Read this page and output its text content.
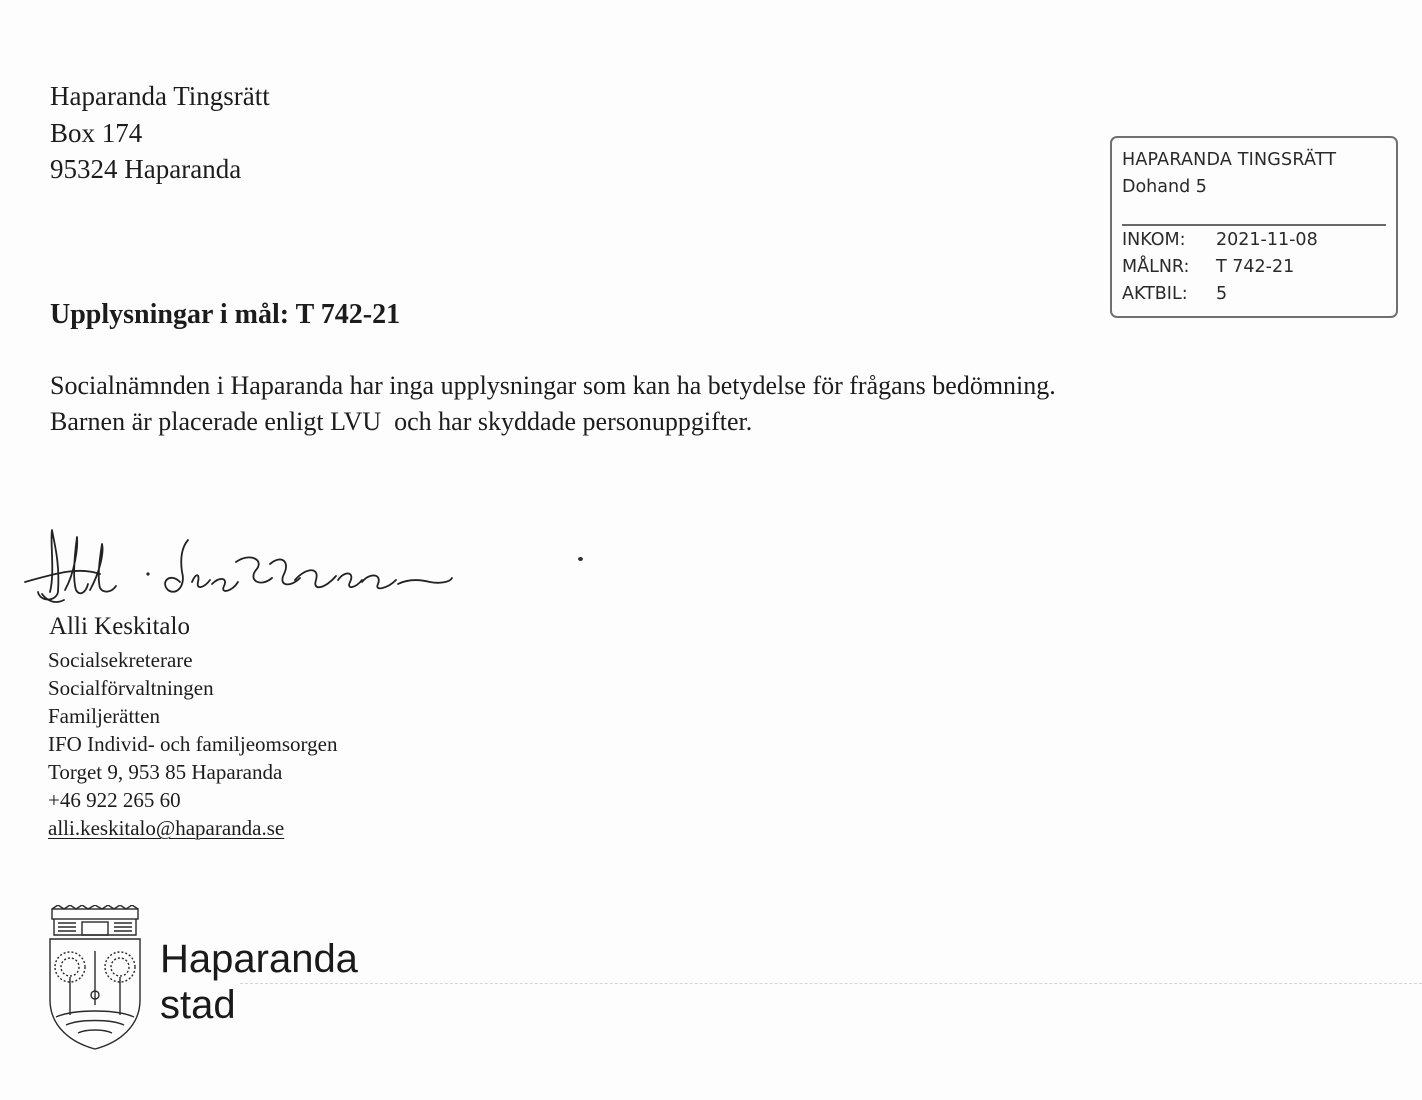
Haparanda Tingsrätt
Box 174
95324 Haparanda	HAPARANDA TINGSRÄTT
Dohand 5
INKOM: 2021-11-08
MÅLNR: T 742-21
AKTBIL: 5
Upplysningar i mål: T 742-21
Socialnämnden i Haparanda har inga upplysningar som kan ha betydelse för frågans bedömning.
Barnen är placerade enligt LVU  och har skyddade personuppgifter.
Alli Keskitalo
Socialsekreterare
Socialförvaltningen
Familjerätten
IFO Individ- och familjeomsorgen
Torget 9, 953 85 Haparanda
+46 922 265 60
alli.keskitalo@haparanda.se
Haparanda
stad
